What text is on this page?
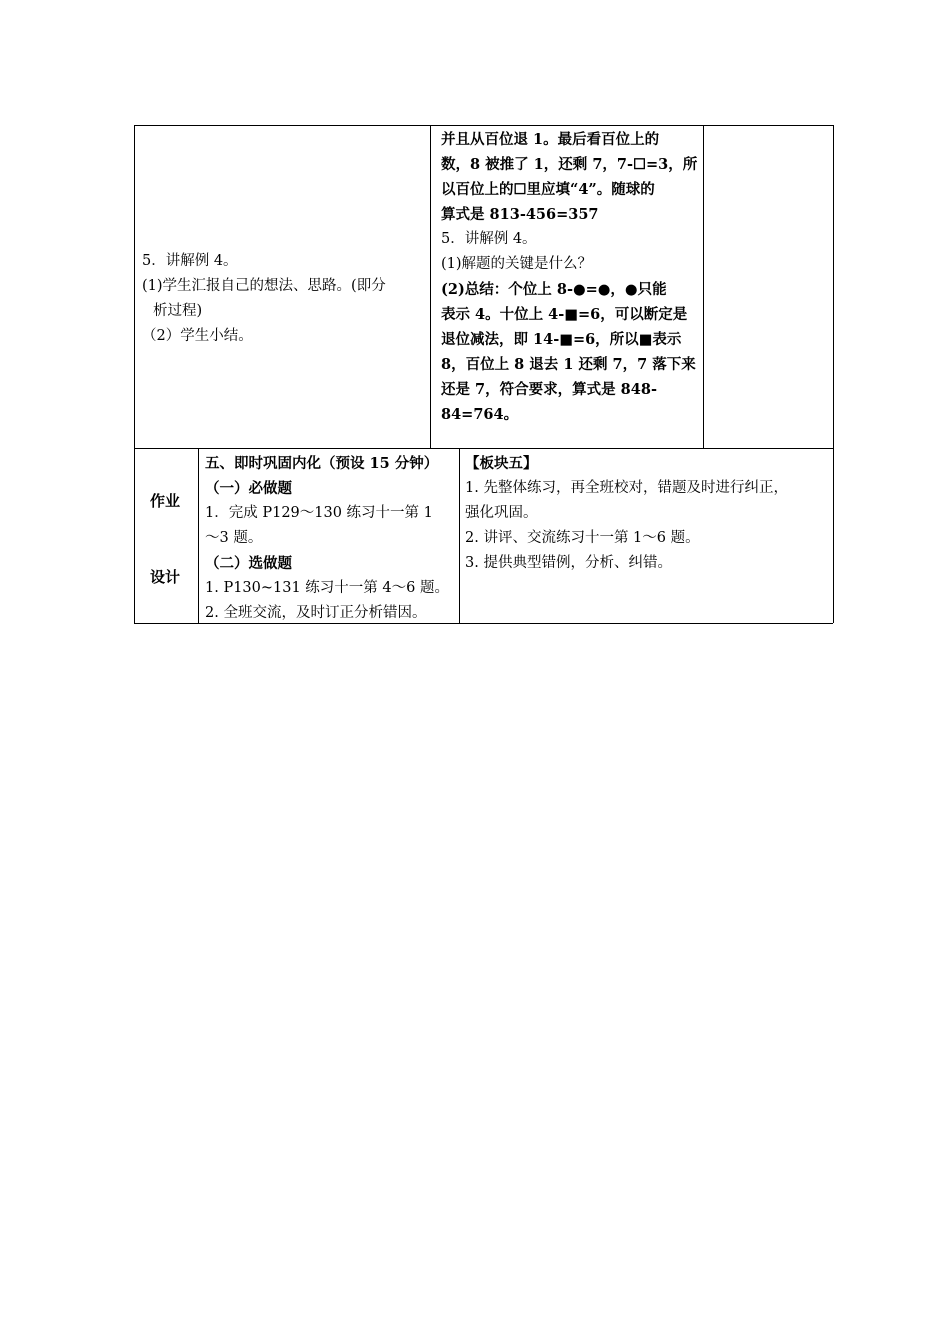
5．讲解例 4。

(1)学生汇报自己的想法、思路。(即分

析过程)

（2）学生小结。

并且从百位退 1。最后看百位上的

数，8 被推了 1，还剩 7，7-☐=3，所

以百位上的☐里应填“4”。随球的

算式是 813-456=357

5．讲解例 4。

(1)解题的关键是什么？

(2)总结：个位上 8-●=●，●只能

表示 4。十位上 4-■=6，可以断定是

退位减法，即 14-■=6，所以■表示

8，百位上 8 退去 1 还剩 7，7 落下来

还是 7，符合要求，算式是 848-

84=764。

作业
设计

五、即时巩固内化（预设 15 分钟）

（一）必做题

1．完成 P129～130 练习十一第 1

～3 题。

（二）选做题

1. P130~131 练习十一第 4～6 题。

2. 全班交流，及时订正分析错因。

【板块五】

1. 先整体练习，再全班校对，错题及时进行纠正，

强化巩固。

2. 讲评、交流练习十一第 1～6 题。

3. 提供典型错例，分析、纠错。
